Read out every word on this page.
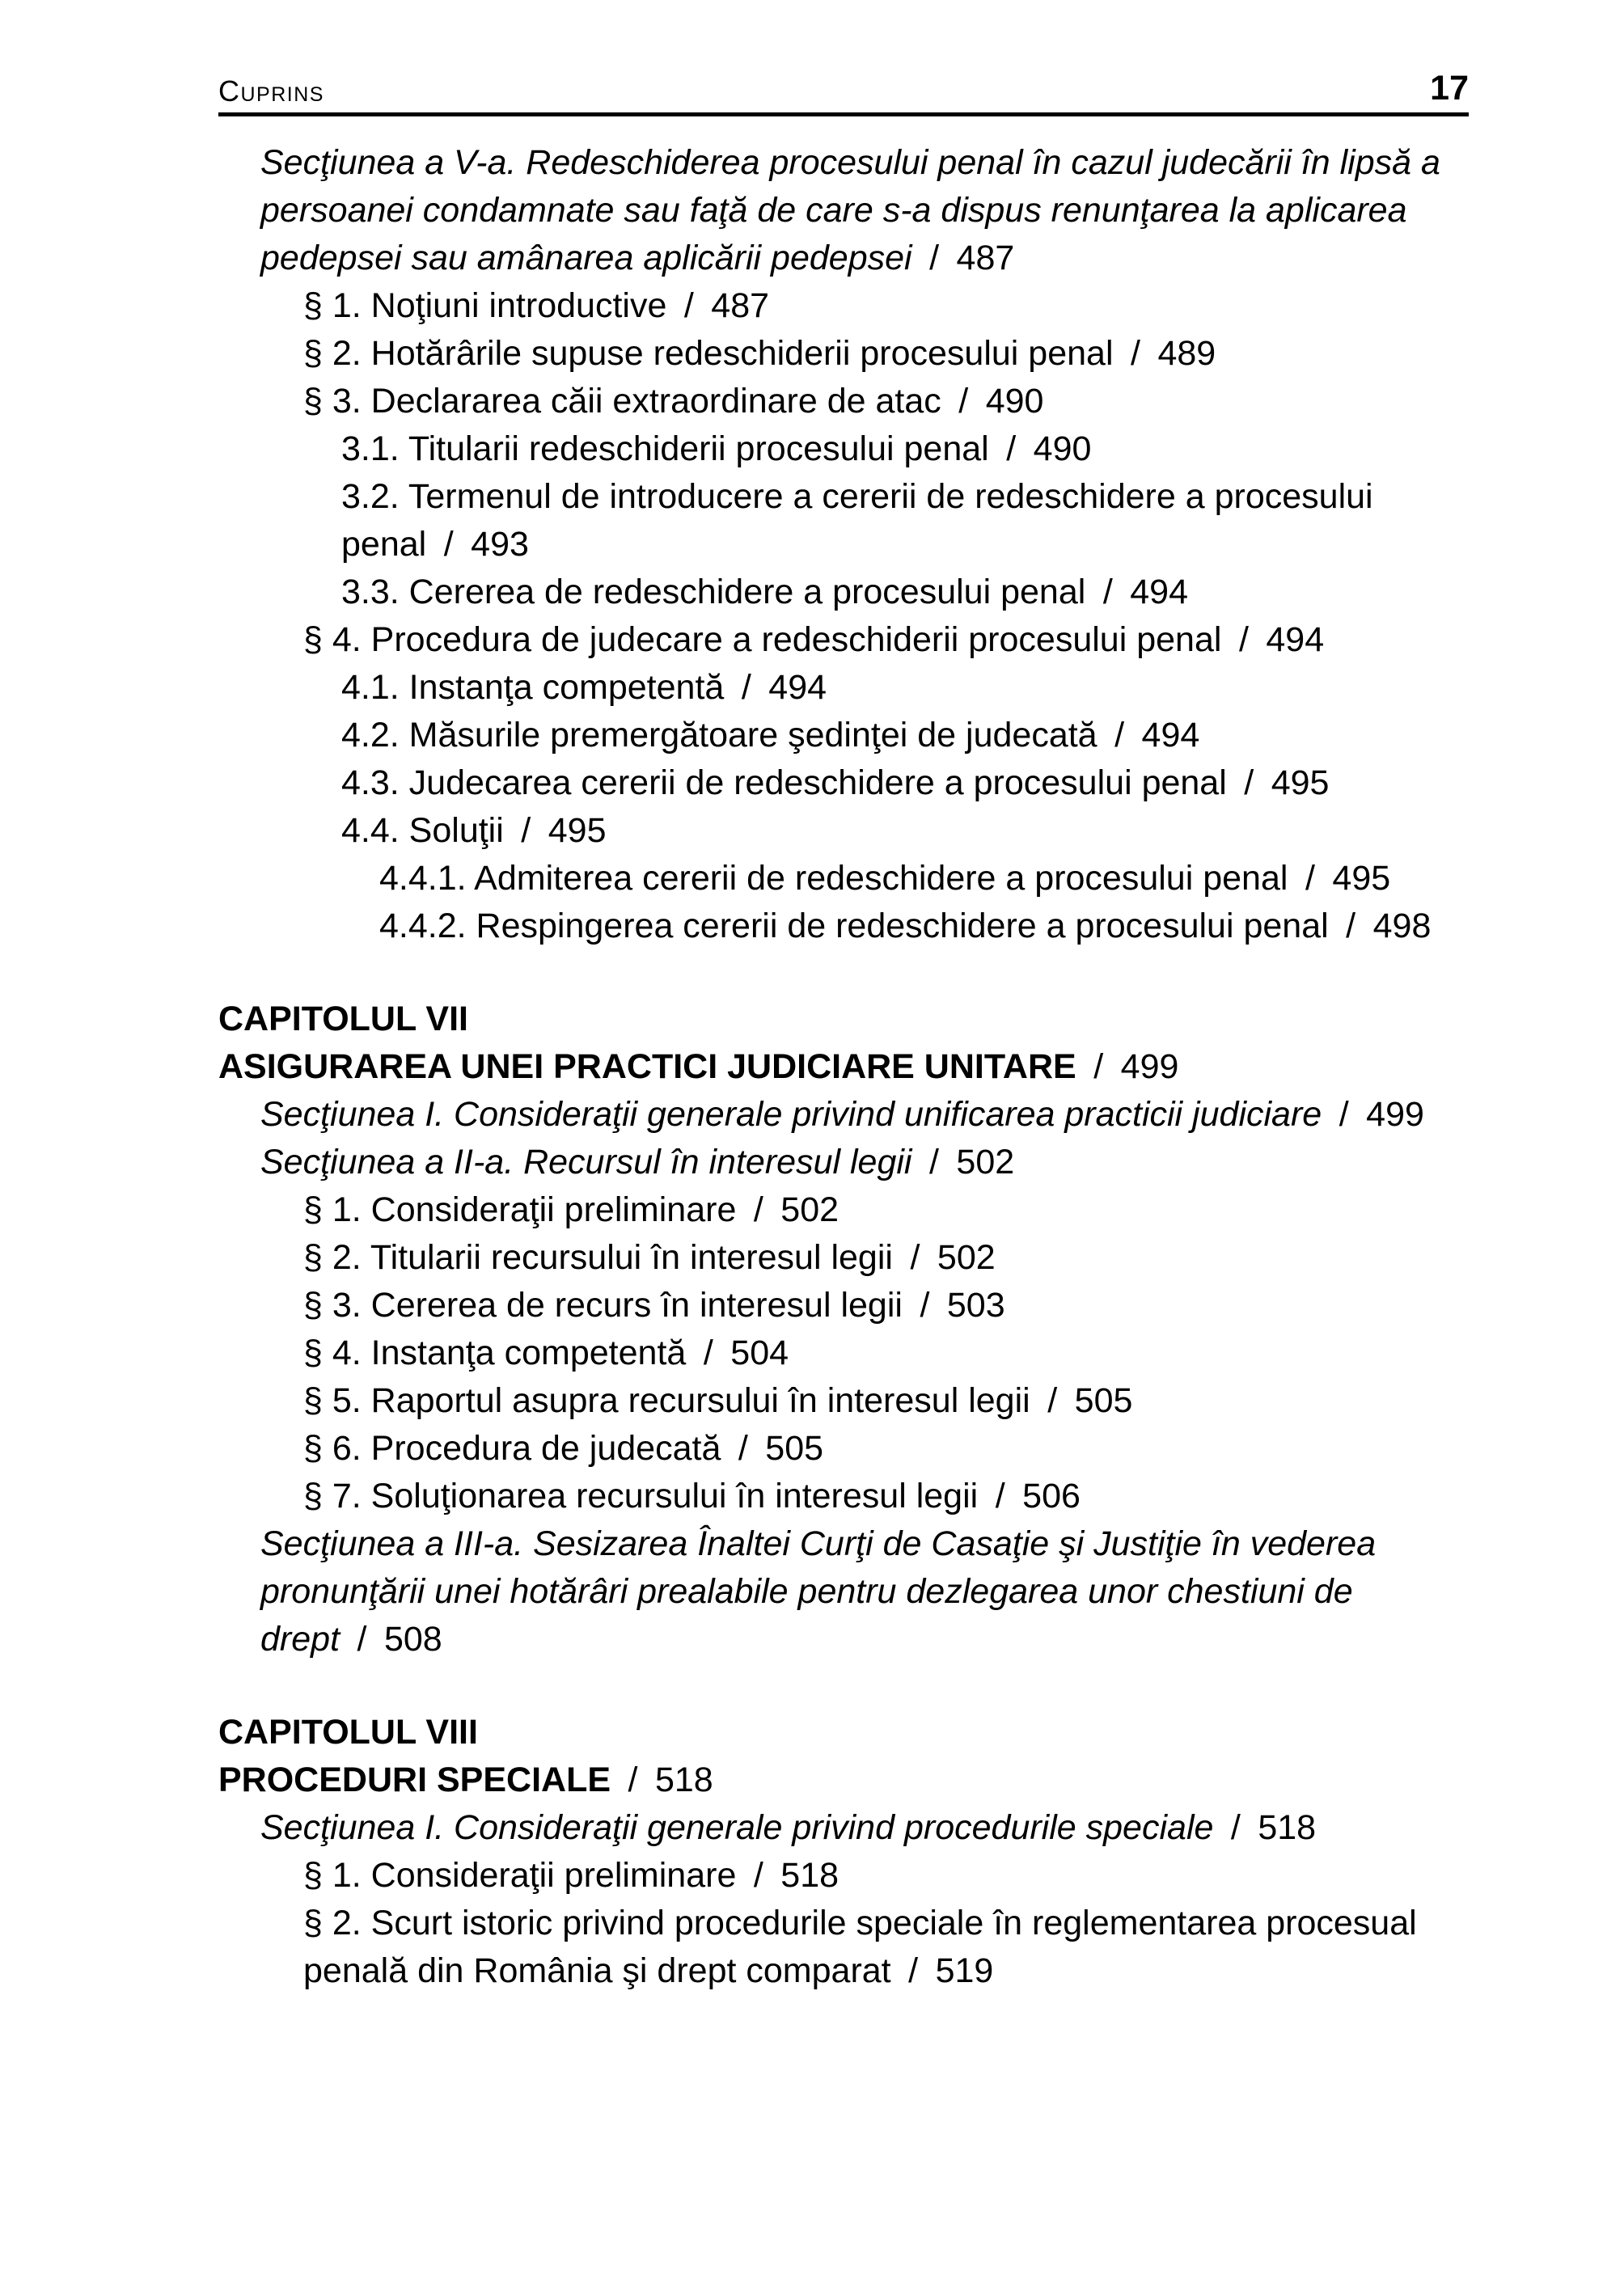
Cuprins	17
Secţiunea a V-a. Redeschiderea procesului penal în cazul judecării în lipsă a persoanei condamnate sau faţă de care s-a dispus renunţarea la aplicarea pedepsei sau amânarea aplicării pedepsei / 487
§ 1. Noţiuni introductive / 487
§ 2. Hotărârile supuse redeschiderii procesului penal / 489
§ 3. Declararea căii extraordinare de atac / 490
3.1. Titularii redeschiderii procesului penal / 490
3.2. Termenul de introducere a cererii de redeschidere a procesului penal / 493
3.3. Cererea de redeschidere a procesului penal / 494
§ 4. Procedura de judecare a redeschiderii procesului penal / 494
4.1. Instanţa competentă / 494
4.2. Măsurile premergătoare şedinţei de judecată / 494
4.3. Judecarea cererii de redeschidere a procesului penal / 495
4.4. Soluţii / 495
4.4.1. Admiterea cererii de redeschidere a procesului penal / 495
4.4.2. Respingerea cererii de redeschidere a procesului penal / 498
CAPITOLUL VII
ASIGURAREA UNEI PRACTICI JUDICIARE UNITARE / 499
Secţiunea I. Consideraţii generale privind unificarea practicii judiciare / 499
Secţiunea a II-a. Recursul în interesul legii / 502
§ 1. Consideraţii preliminare / 502
§ 2. Titularii recursului în interesul legii / 502
§ 3. Cererea de recurs în interesul legii / 503
§ 4. Instanţa competentă / 504
§ 5. Raportul asupra recursului în interesul legii / 505
§ 6. Procedura de judecată / 505
§ 7. Soluţionarea recursului în interesul legii / 506
Secţiunea a III-a. Sesizarea Înaltei Curţi de Casaţie şi Justiţie în vederea pronunţării unei hotărâri prealabile pentru dezlegarea unor chestiuni de drept / 508
CAPITOLUL VIII
PROCEDURI SPECIALE / 518
Secţiunea I. Consideraţii generale privind procedurile speciale / 518
§ 1. Consideraţii preliminare / 518
§ 2. Scurt istoric privind procedurile speciale în reglementarea procesual penală din România şi drept comparat / 519
